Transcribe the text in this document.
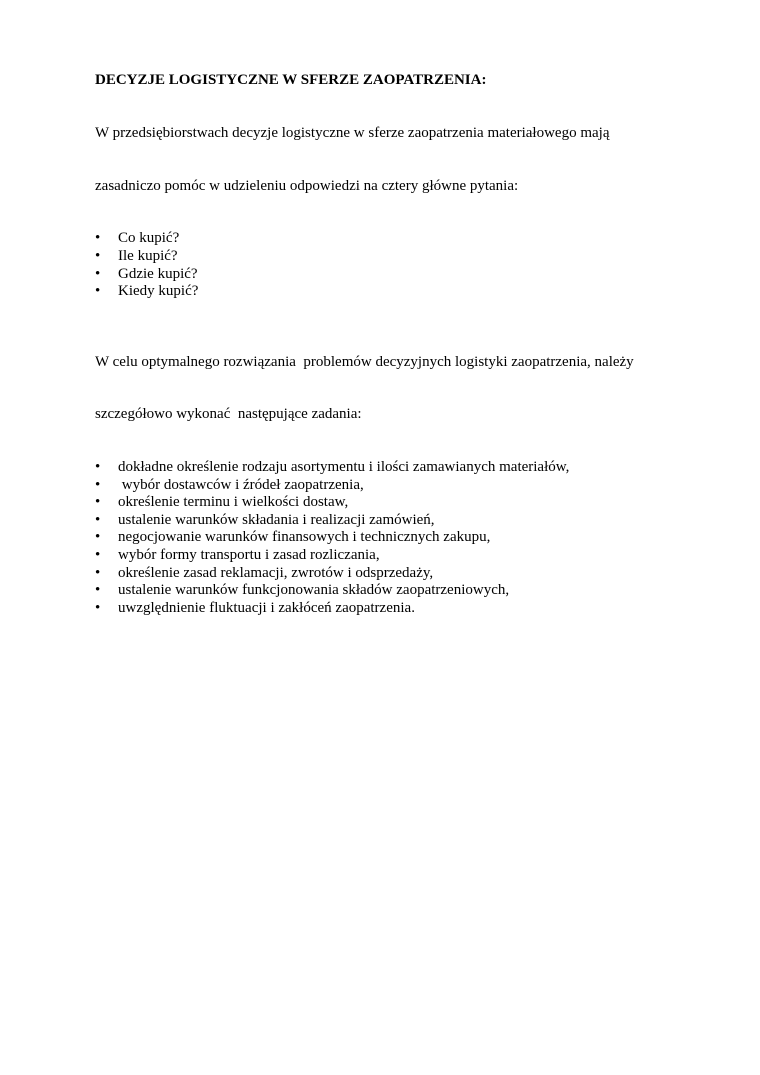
DECYZJE LOGISTYCZNE W SFERZE ZAOPATRZENIA:

W przedsiębiorstwach decyzje logistyczne w sferze zaopatrzenia materiałowego mają

zasadniczo pomóc w udzieleniu odpowiedzi na cztery główne pytania:

• Co kupić?
• Ile kupić?
• Gdzie kupić?
• Kiedy kupić?

W celu optymalnego rozwiązania  problemów decyzyjnych logistyki zaopatrzenia, należy

szczegółowo wykonać  następujące zadania:

• dokładne określenie rodzaju asortymentu i ilości zamawianych materiałów,
• wybór dostawców i źródeł zaopatrzenia,
• określenie terminu i wielkości dostaw,
• ustalenie warunków składania i realizacji zamówień,
• negocjowanie warunków finansowych i technicznych zakupu,
• wybór formy transportu i zasad rozliczania,
• określenie zasad reklamacji, zwrotów i odsprzedaży,
• ustalenie warunków funkcjonowania składów zaopatrzeniowych,
• uwzględnienie fluktuacji i zakłóceń zaopatrzenia.
